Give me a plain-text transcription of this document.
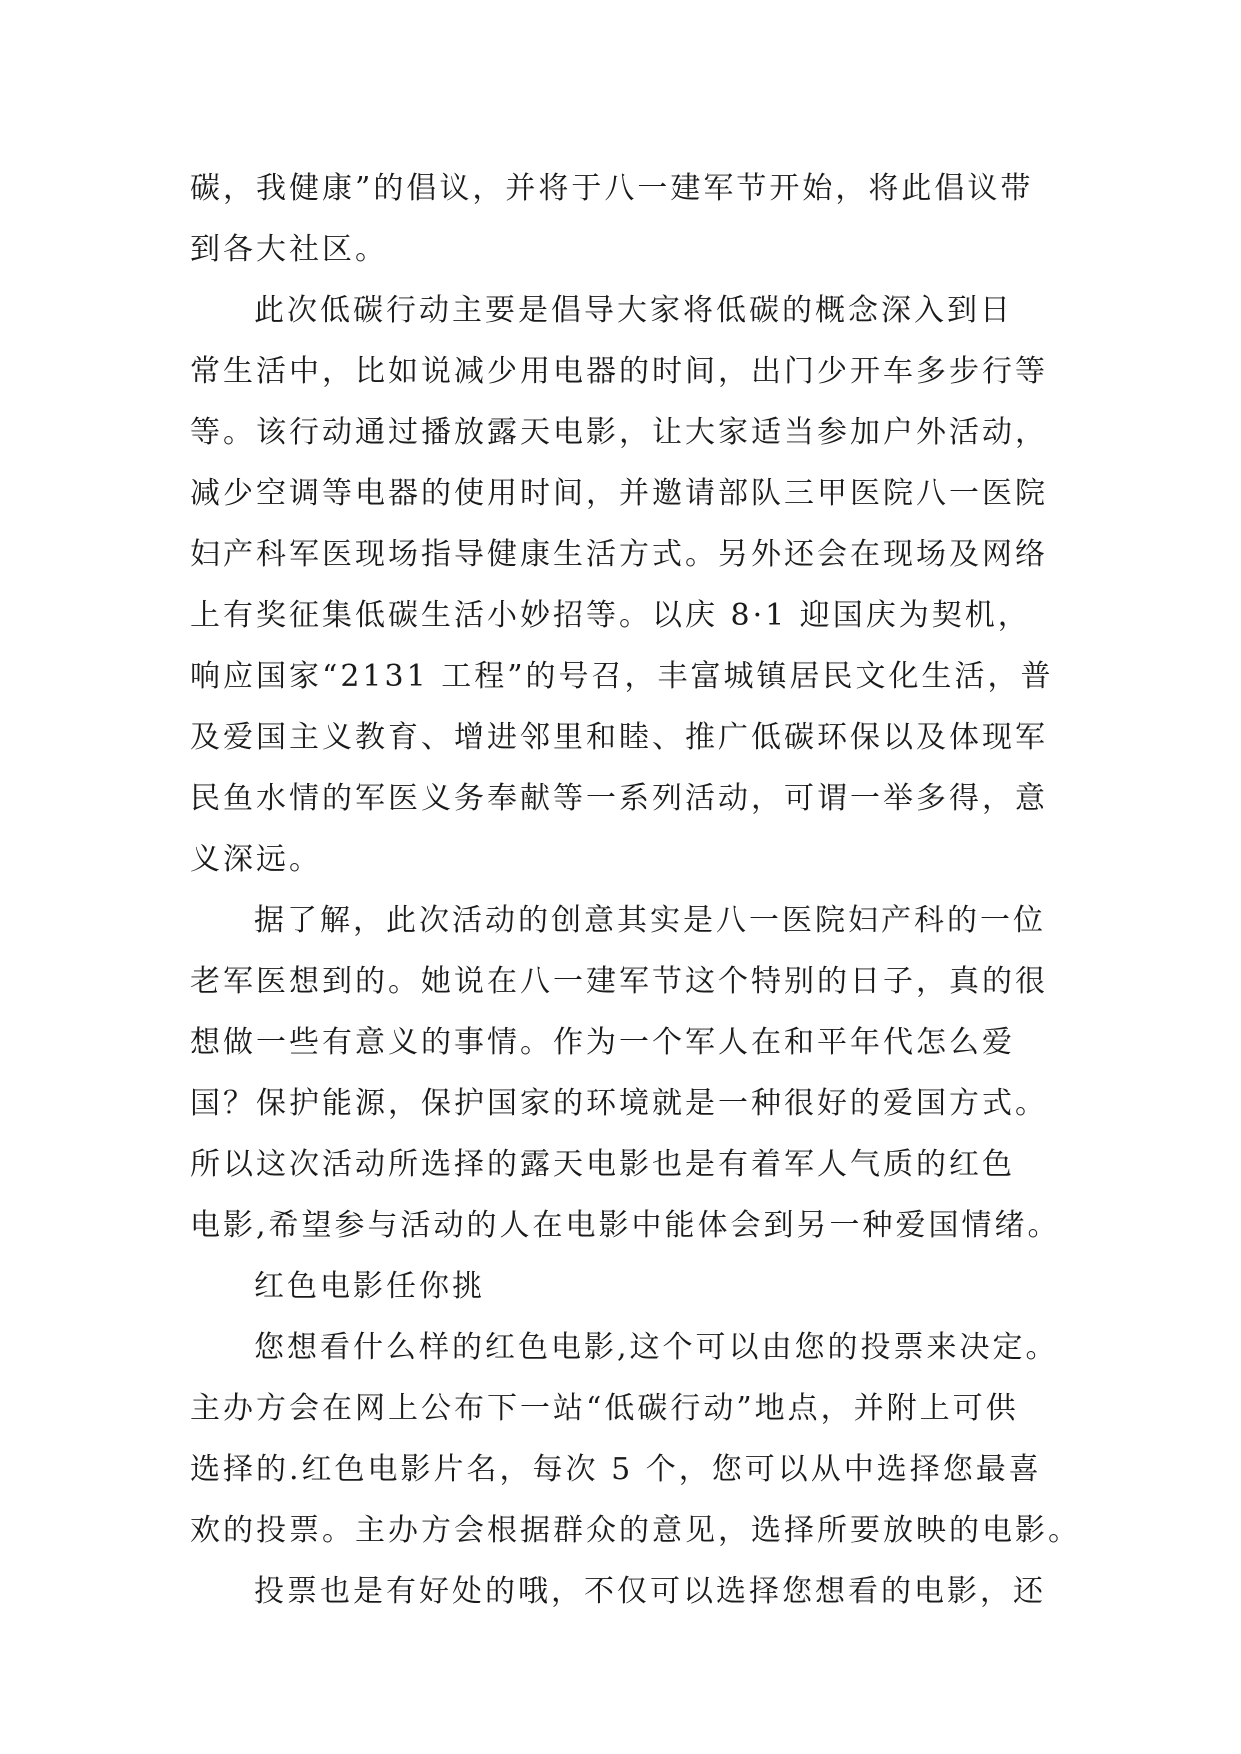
碳，我健康”的倡议，并将于八一建军节开始，将此倡议带
到各大社区。
此次低碳行动主要是倡导大家将低碳的概念深入到日
常生活中，比如说减少用电器的时间，出门少开车多步行等
等。该行动通过播放露天电影，让大家适当参加户外活动，
减少空调等电器的使用时间，并邀请部队三甲医院八一医院
妇产科军医现场指导健康生活方式。另外还会在现场及网络
上有奖征集低碳生活小妙招等。以庆 8·1 迎国庆为契机，
响应国家“2131 工程”的号召，丰富城镇居民文化生活，普
及爱国主义教育、增进邻里和睦、推广低碳环保以及体现军
民鱼水情的军医义务奉献等一系列活动，可谓一举多得，意
义深远。
据了解，此次活动的创意其实是八一医院妇产科的一位
老军医想到的。她说在八一建军节这个特别的日子，真的很
想做一些有意义的事情。作为一个军人在和平年代怎么爱
国？保护能源，保护国家的环境就是一种很好的爱国方式。
所以这次活动所选择的露天电影也是有着军人气质的红色
电影,希望参与活动的人在电影中能体会到另一种爱国情绪。
红色电影任你挑
您想看什么样的红色电影,这个可以由您的投票来决定。
主办方会在网上公布下一站“低碳行动”地点，并附上可供
选择的.红色电影片名，每次 5 个，您可以从中选择您最喜
欢的投票。主办方会根据群众的意见，选择所要放映的电影。
投票也是有好处的哦，不仅可以选择您想看的电影，还
